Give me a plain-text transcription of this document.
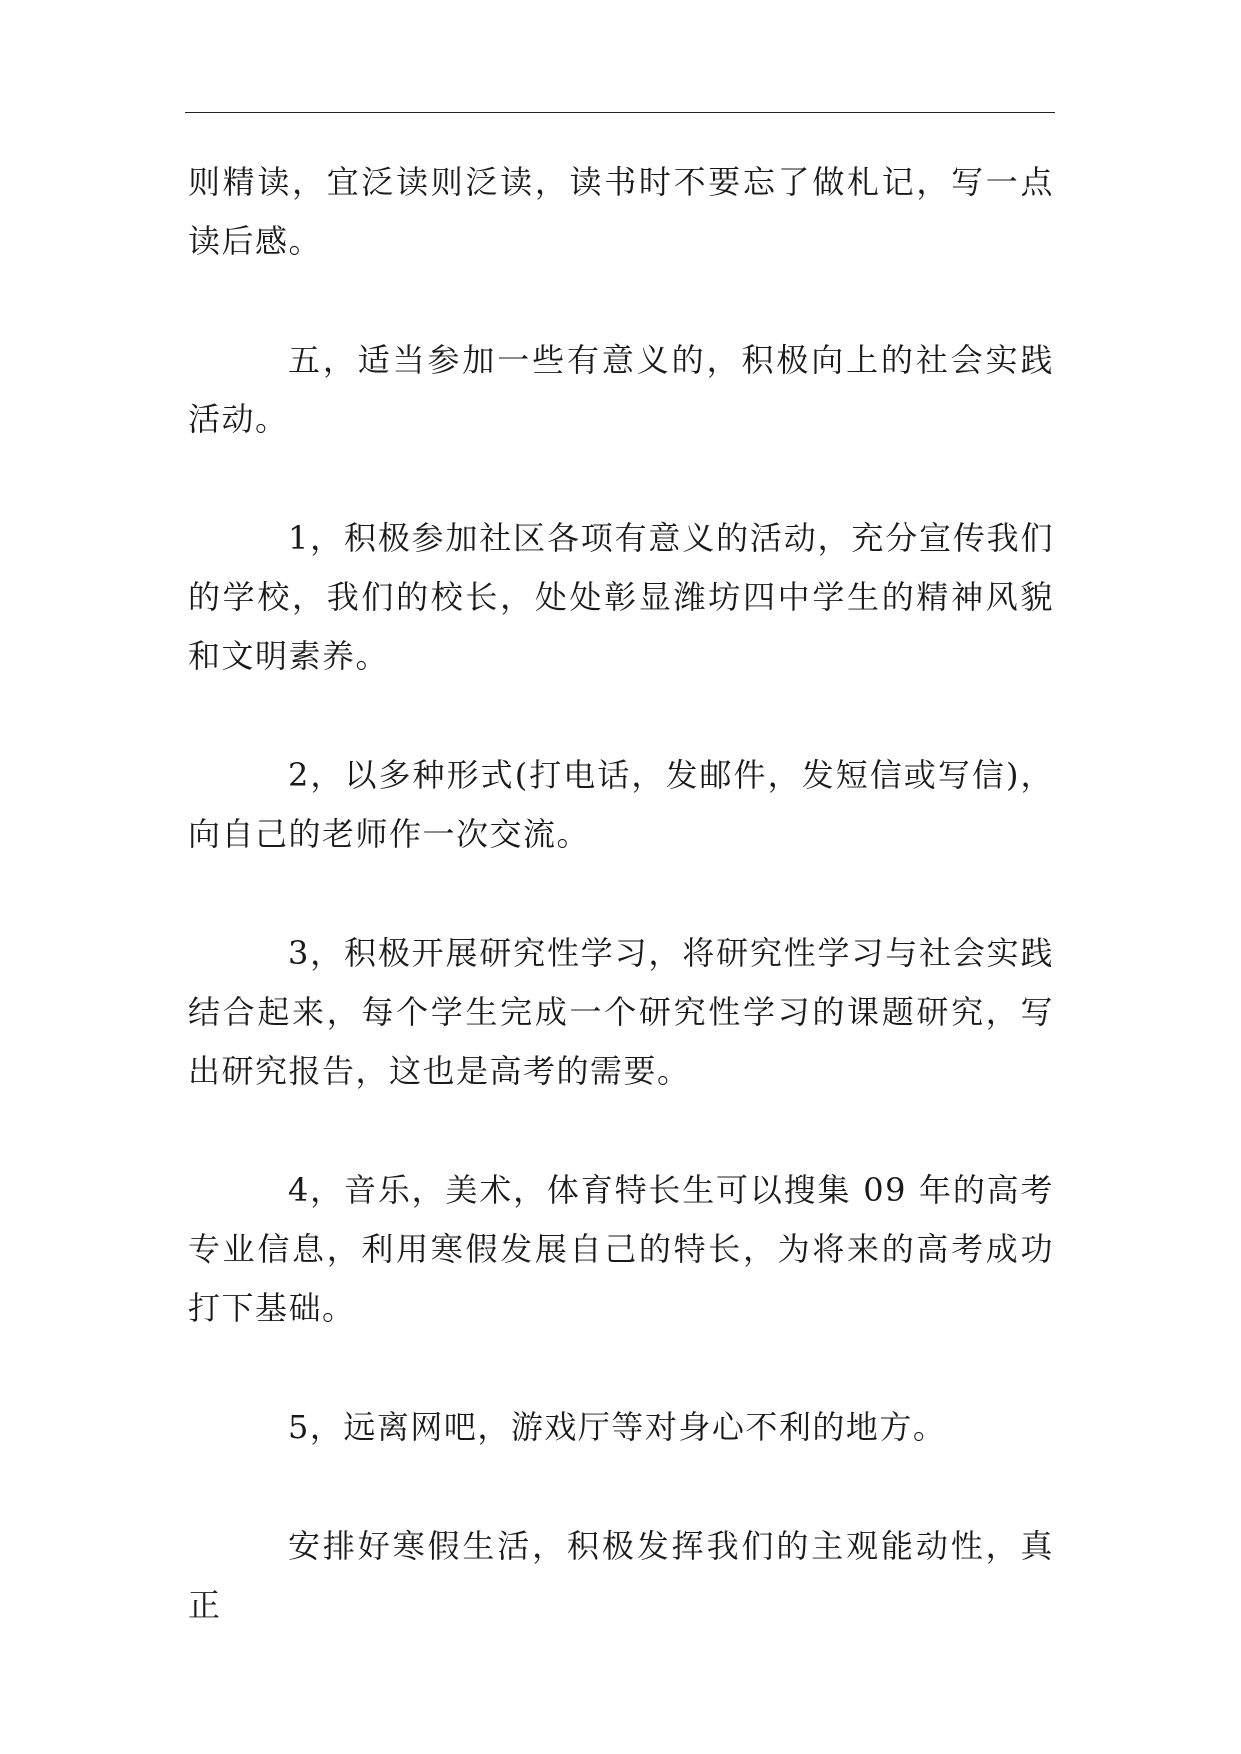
则精读，宜泛读则泛读，读书时不要忘了做札记，写一点读后感。

五，适当参加一些有意义的，积极向上的社会实践活动。

1，积极参加社区各项有意义的活动，充分宣传我们的学校，我们的校长，处处彰显潍坊四中学生的精神风貌和文明素养。

2，以多种形式(打电话，发邮件，发短信或写信)，向自己的老师作一次交流。

3，积极开展研究性学习，将研究性学习与社会实践结合起来，每个学生完成一个研究性学习的课题研究，写出研究报告，这也是高考的需要。

4，音乐，美术，体育特长生可以搜集 09 年的高考专业信息，利用寒假发展自己的特长，为将来的高考成功打下基础。

5，远离网吧，游戏厅等对身心不利的地方。

安排好寒假生活，积极发挥我们的主观能动性，真正
